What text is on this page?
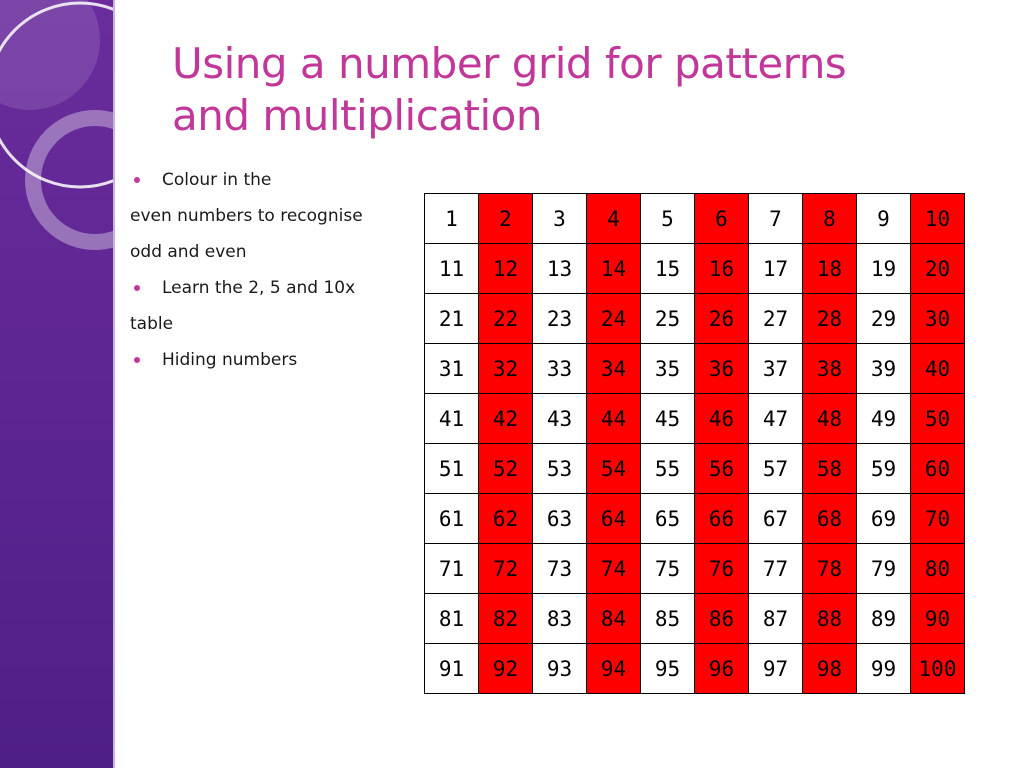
Using a number grid for patterns
and multiplication
Colour in the
even numbers to recognise
odd and even
Learn the 2, 5 and 10x
table
Hiding numbers
1	2	3	4	5	6	7	8	9	10
11	12	13	14	15	16	17	18	19	20
21	22	23	24	25	26	27	28	29	30
31	32	33	34	35	36	37	38	39	40
41	42	43	44	45	46	47	48	49	50
51	52	53	54	55	56	57	58	59	60
61	62	63	64	65	66	67	68	69	70
71	72	73	74	75	76	77	78	79	80
81	82	83	84	85	86	87	88	89	90
91	92	93	94	95	96	97	98	99	100
